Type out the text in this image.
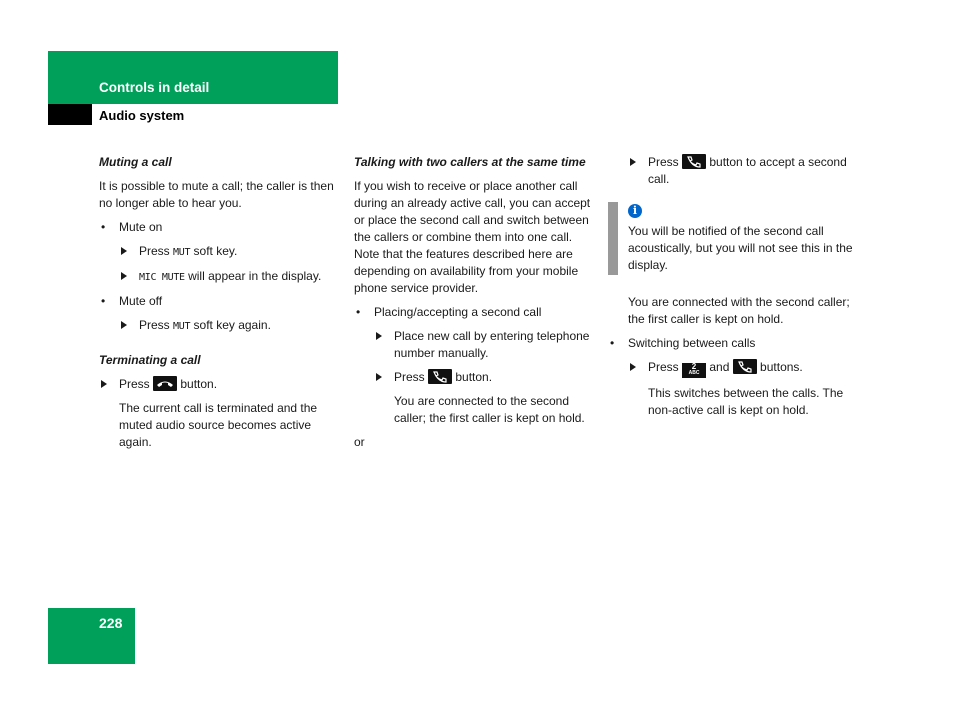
Controls in detail
Audio system

Muting a call

It is possible to mute a call; the caller is then no longer able to hear you.

• Mute on
Press MUT soft key.
MIC MUTE will appear in the display.
• Mute off
Press MUT soft key again.

Terminating a call

Press
button.

The current call is terminated and the muted audio source becomes active again.

Talking with two callers at the same time

If you wish to receive or place another call during an already active call, you can accept or place the second call and switch between the callers or combine them into one call. Note that the features described here are depending on availability from your mobile phone service provider.

• Placing/accepting a second call
Place new call by entering telephone number manually.
Press
button.

You are connected to the second caller; the first caller is kept on hold.

or

Press
button to accept a second call.
i

You will be notified of the second call acoustically, but you will not see this in the display.

You are connected with the second caller; the first caller is kept on hold.

• Switching between calls
Press 2
ABC and
buttons.

This switches between the calls. The non-active call is kept on hold.

228
